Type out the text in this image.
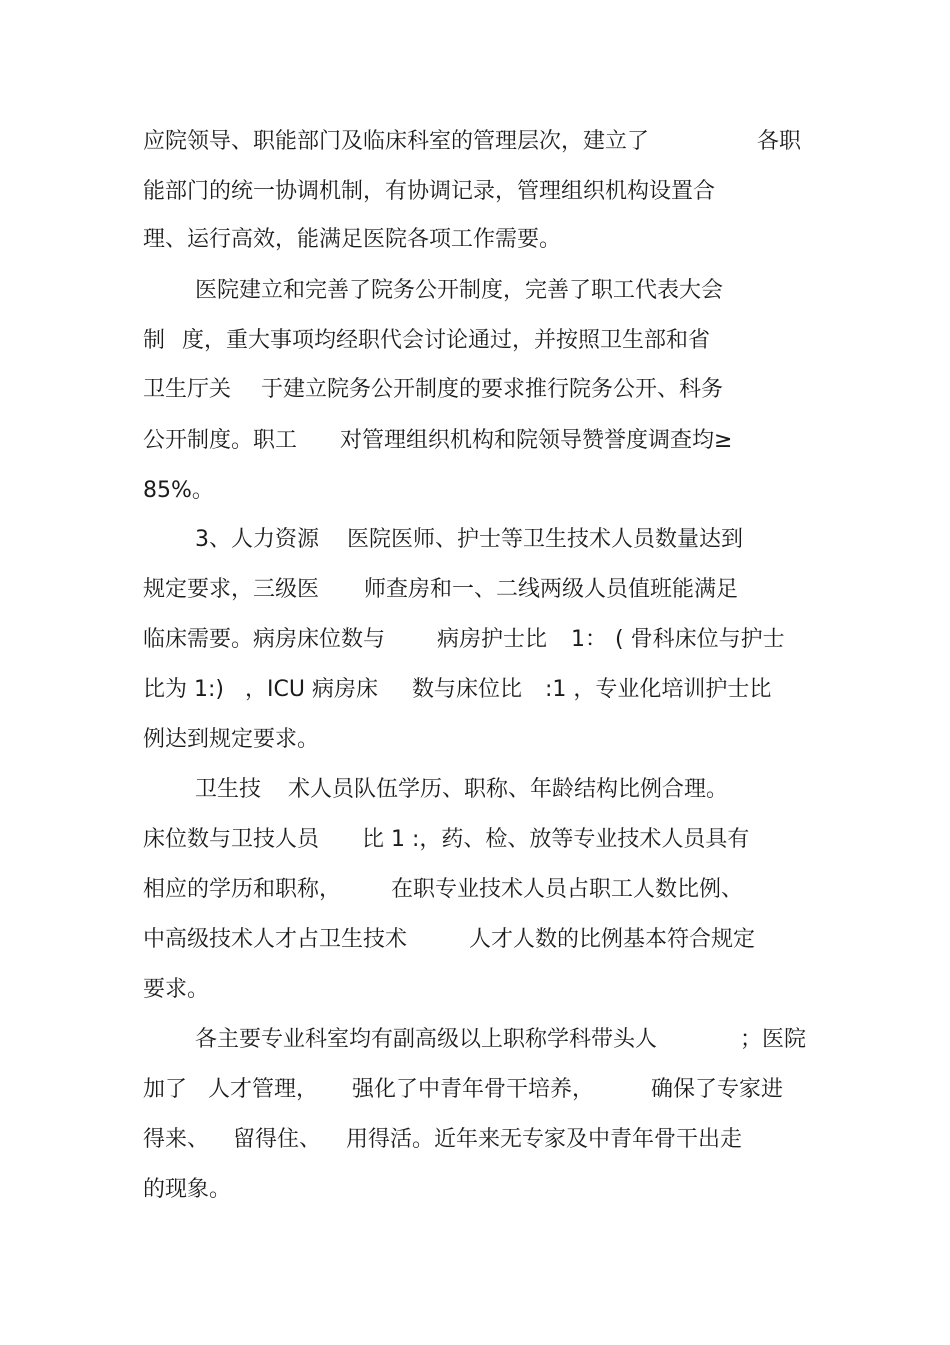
应院领导、职能部门及临床科室的管理层次，建立了	各职
能部门的统一协调机制，有协调记录，管理组织机构设置合
理、运行高效，能满足医院各项工作需要。
医院建立和完善了院务公开制度，完善了职工代表大会
制 度，重大事项均经职代会讨论通过，并按照卫生部和省
卫生厅关 于建立院务公开制度的要求推行院务公开、科务
公开制度。职工 对管理组织机构和院领导赞誉度调查均≥
85%。
3、人力资源 医院医师、护士等卫生技术人员数量达到
规定要求，三级医 师查房和一、二线两级人员值班能满足
临床需要。病房床位数与 病房护士比 1： ( 骨科床位与护士
比为 1:) ，ICU 病房床 数与床位比 :1 ，专业化培训护士比
例达到规定要求。
卫生技 术人员队伍学历、职称、年龄结构比例合理。
床位数与卫技人员 比 1 :，药、检、放等专业技术人员具有
相应的学历和职称， 在职专业技术人员占职工人数比例、
中高级技术人才占卫生技术	人才人数的比例基本符合规定
要求。
各主要专业科室均有副高级以上职称学科带头人	；医院
加了 人才管理， 强化了中青年骨干培养，	确保了专家进
得来、 留得住、 用得活。近年来无专家及中青年骨干出走
的现象。
